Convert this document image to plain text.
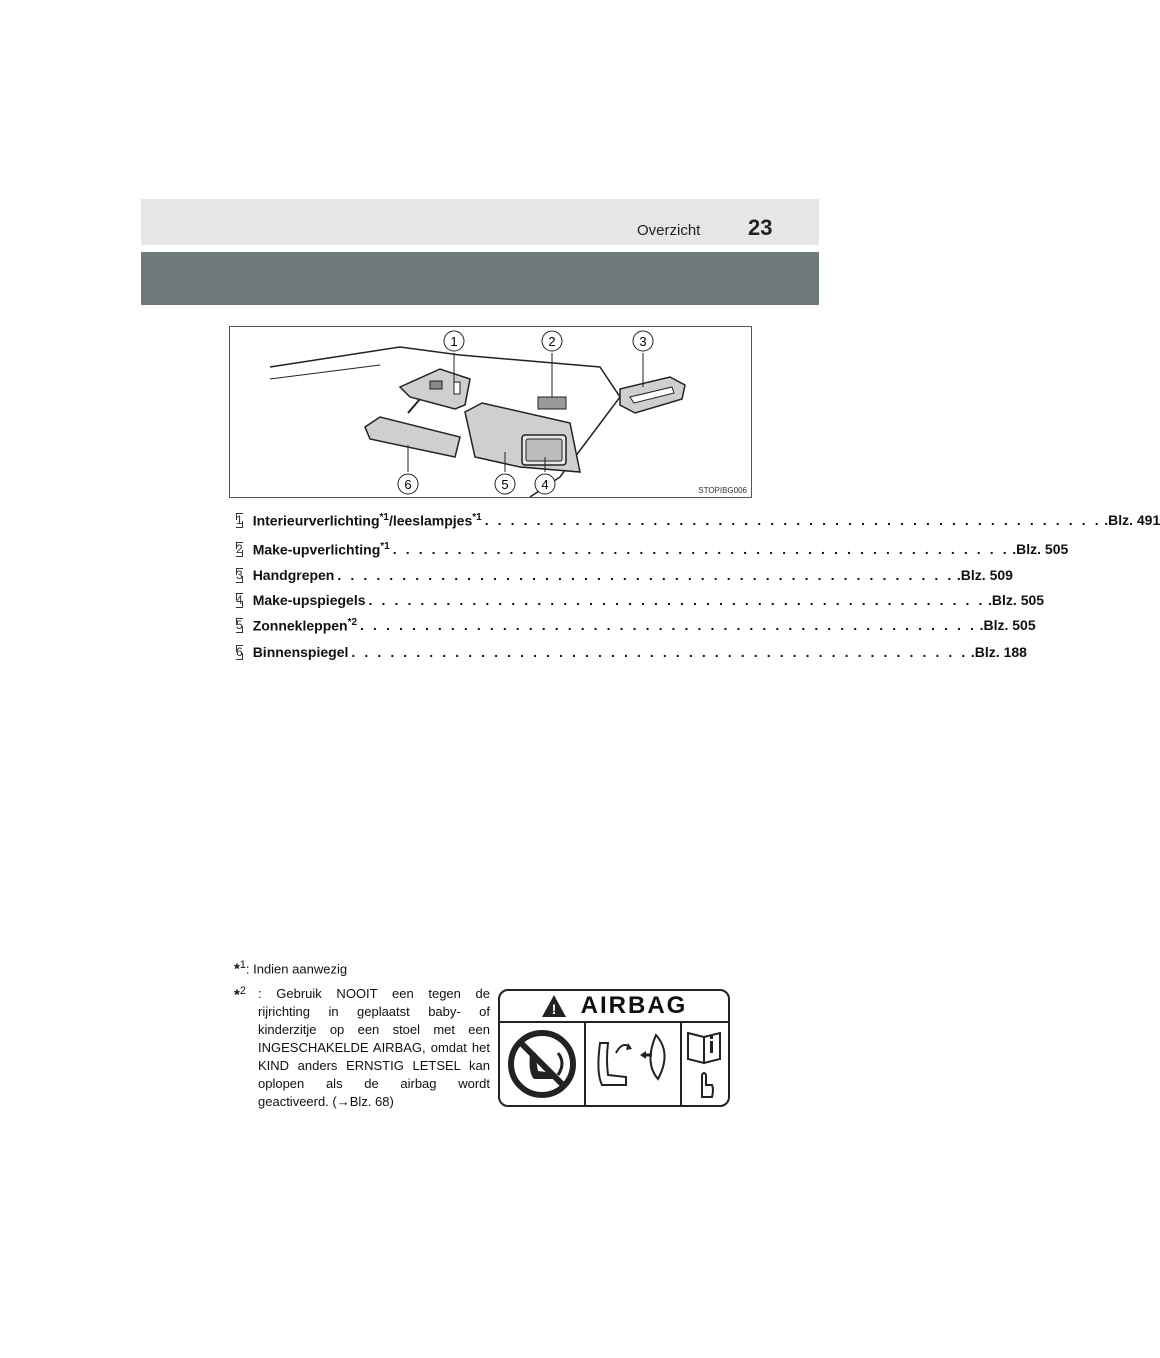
Overzicht 23
1	2	3
4
5
6	STOPIBG006
1 Interieurverlichting$^{*1}$/leeslampjes$^{*1}$ . . . . . . . . . . . . . . . . . . . . . . . . . . . . . . . . . . . . . . . . . . . . . . . . .Blz. 491
2 Make-upverlichting$^{*1}$ . . . . . . . . . . . . . . . . . . . . . . . . . . . . . . . . . . . . . . . . . . . . . . . . .Blz. 505
3 Handgrepen . . . . . . . . . . . . . . . . . . . . . . . . . . . . . . . . . . . . . . . . . . . . . . . . .Blz. 509
4 Make-upspiegels . . . . . . . . . . . . . . . . . . . . . . . . . . . . . . . . . . . . . . . . . . . . . . . . .Blz. 505
5 Zonnekleppen$^{*2}$ . . . . . . . . . . . . . . . . . . . . . . . . . . . . . . . . . . . . . . . . . . . . . . . . .Blz. 505
6 Binnenspiegel . . . . . . . . . . . . . . . . . . . . . . . . . . . . . . . . . . . . . . . . . . . . . . . . .Blz. 188
*$^1$: Indien aanwezig
*$^2$ : Gebruik NOOIT een tegen de rijrichting in geplaatst baby- of kinderzitje op een stoel met een INGESCHAKELDE AIRBAG, omdat het KIND anders ERNSTIG LETSEL kan oplopen als de airbag wordt geactiveerd. (→Blz. 68)
! AIRBAG
